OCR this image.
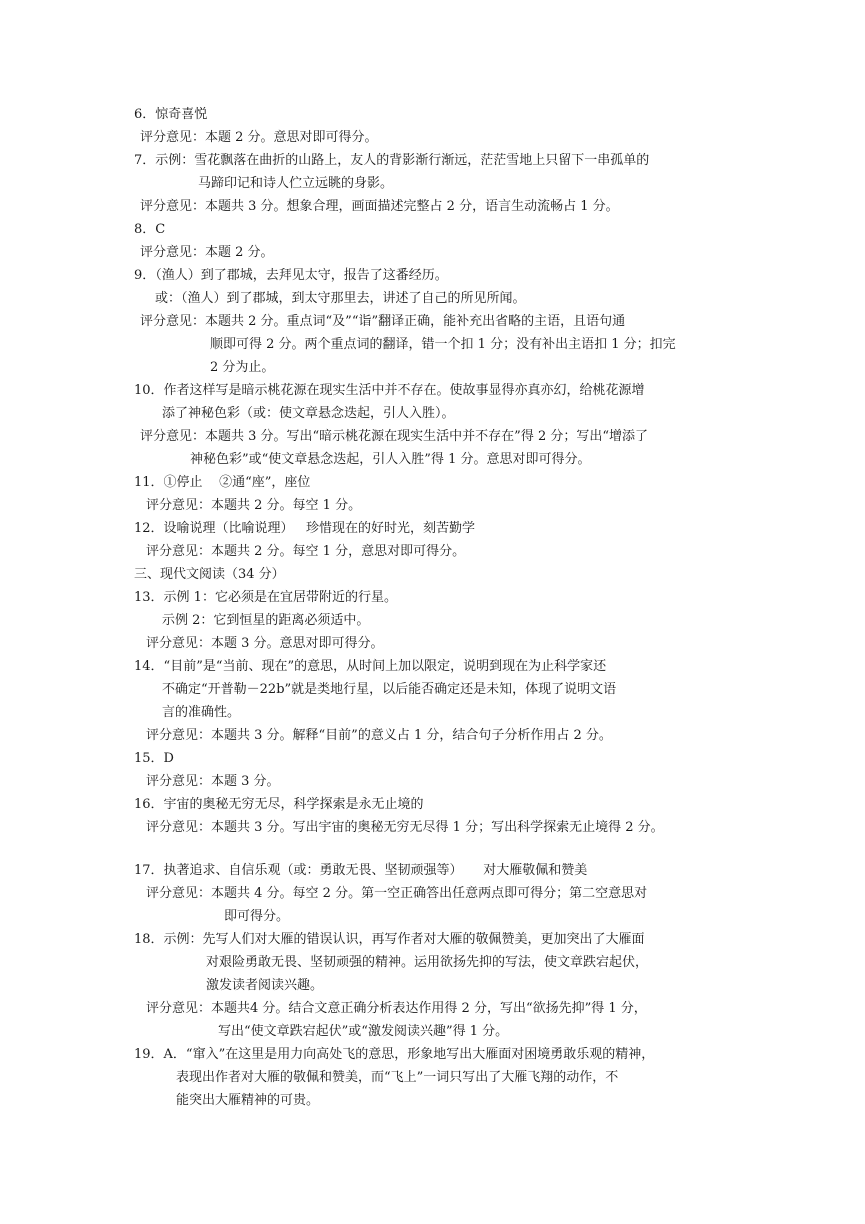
6．惊奇喜悦
评分意见：本题 2 分。意思对即可得分。
7．示例：雪花飘落在曲折的山路上，友人的背影渐行渐远，茫茫雪地上只留下一串孤单的
马蹄印记和诗人伫立远眺的身影。
评分意见：本题共 3 分。想象合理，画面描述完整占 2 分，语言生动流畅占 1 分。
8．C
评分意见：本题 2 分。
9．（渔人）到了郡城，去拜见太守，报告了这番经历。
或：（渔人）到了郡城，到太守那里去，讲述了自己的所见所闻。
评分意见：本题共 2 分。重点词“及”“诣”翻译正确，能补充出省略的主语，且语句通
顺即可得 2 分。两个重点词的翻译，错一个扣 1 分；没有补出主语扣 1 分；扣完
2 分为止。
10．作者这样写是暗示桃花源在现实生活中并不存在。使故事显得亦真亦幻，给桃花源增
添了神秘色彩（或：使文章悬念迭起，引人入胜）。
评分意见：本题共 3 分。写出“暗示桃花源在现实生活中并不存在”得 2 分；写出“增添了
神秘色彩”或“使文章悬念迭起，引人入胜”得 1 分。意思对即可得分。
11．①停止    ②通“座”，座位
评分意见：本题共 2 分。每空 1 分。
12．设喻说理（比喻说理）   珍惜现在的好时光，刻苦勤学
评分意见：本题共 2 分。每空 1 分，意思对即可得分。
三、现代文阅读（34 分）
13．示例 1：它必须是在宜居带附近的行星。
示例 2：它到恒星的距离必须适中。
评分意见：本题 3 分。意思对即可得分。
14．“目前”是“当前、现在”的意思，从时间上加以限定，说明到现在为止科学家还
不确定“开普勒－22b”就是类地行星，以后能否确定还是未知，体现了说明文语
言的准确性。
评分意见：本题共 3 分。解释“目前”的意义占 1 分，结合句子分析作用占 2 分。
15．D
评分意见：本题 3 分。
16．宇宙的奥秘无穷无尽，科学探索是永无止境的
评分意见：本题共 3 分。写出宇宙的奥秘无穷无尽得 1 分；写出科学探索无止境得 2 分。
17．执著追求、自信乐观（或：勇敢无畏、坚韧顽强等）     对大雁敬佩和赞美
评分意见：本题共 4 分。每空 2 分。第一空正确答出任意两点即可得分；第二空意思对
即可得分。
18．示例：先写人们对大雁的错误认识，再写作者对大雁的敬佩赞美，更加突出了大雁面
对艰险勇敢无畏、坚韧顽强的精神。运用欲扬先抑的写法，使文章跌宕起伏，
激发读者阅读兴趣。
评分意见：本题共4 分。结合文意正确分析表达作用得 2 分，写出“欲扬先抑”得 1 分，
写出“使文章跌宕起伏”或“激发阅读兴趣”得 1 分。
19．A．“窜入”在这里是用力向高处飞的意思，形象地写出大雁面对困境勇敢乐观的精神，
表现出作者对大雁的敬佩和赞美，而“飞上”一词只写出了大雁飞翔的动作，不
能突出大雁精神的可贵。
